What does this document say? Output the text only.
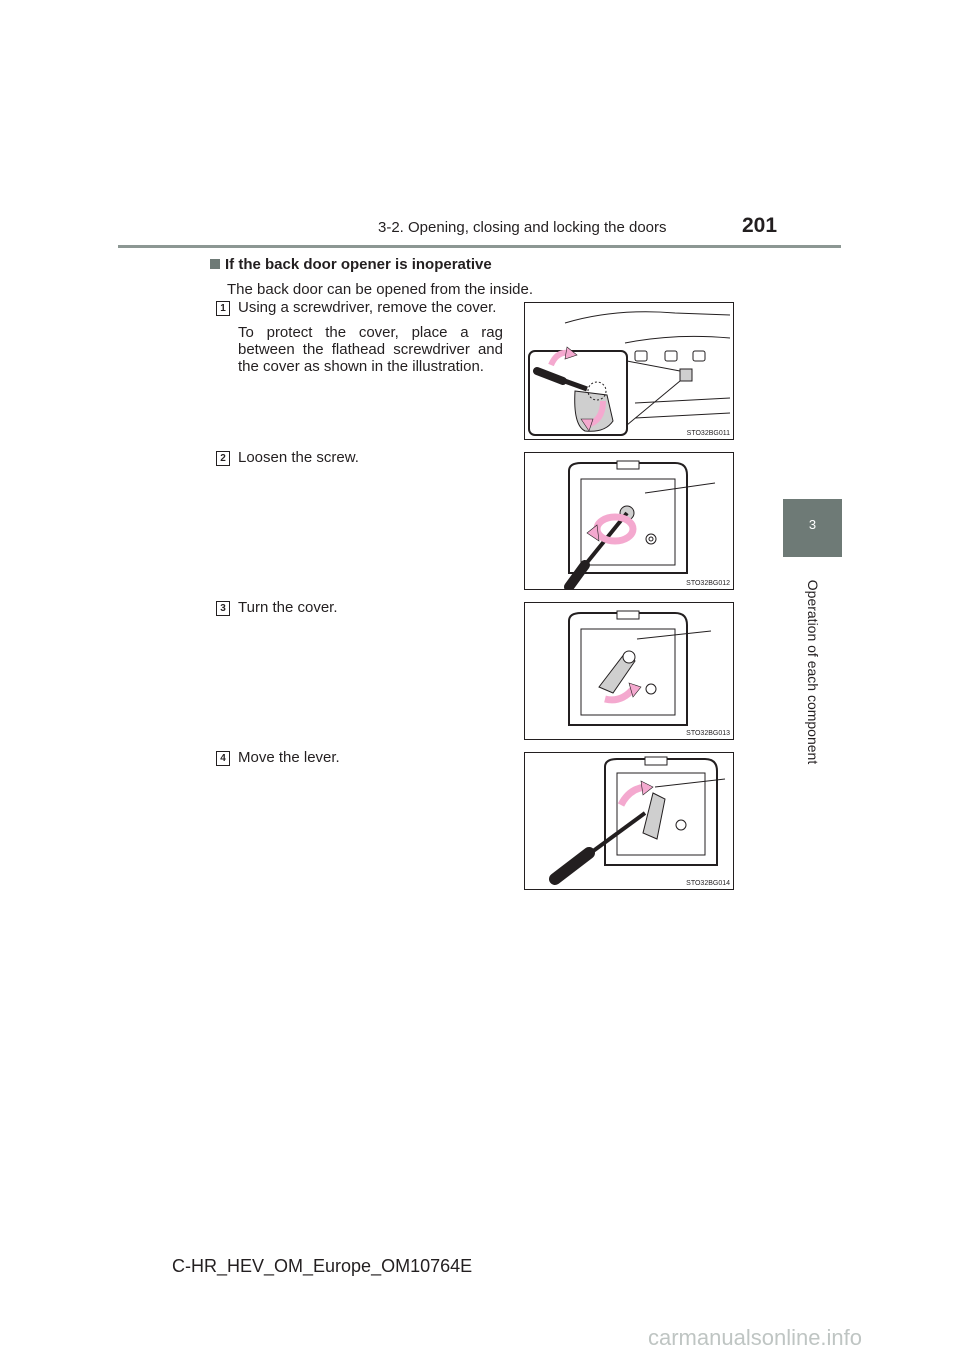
3-2. Opening, closing and locking the doors	201
3
Operation of each component
If the back door opener is inoperative
The back door can be opened from the inside.
1 Using a screwdriver, remove the cover.
To protect the cover, place a rag between the flathead screwdriver and the cover as shown in the illustration.
STO32BG011
2 Loosen the screw.
STO32BG012
3 Turn the cover.
STO32BG013
4 Move the lever.
STO32BG014
C-HR_HEV_OM_Europe_OM10764E
carmanualsonline.info
